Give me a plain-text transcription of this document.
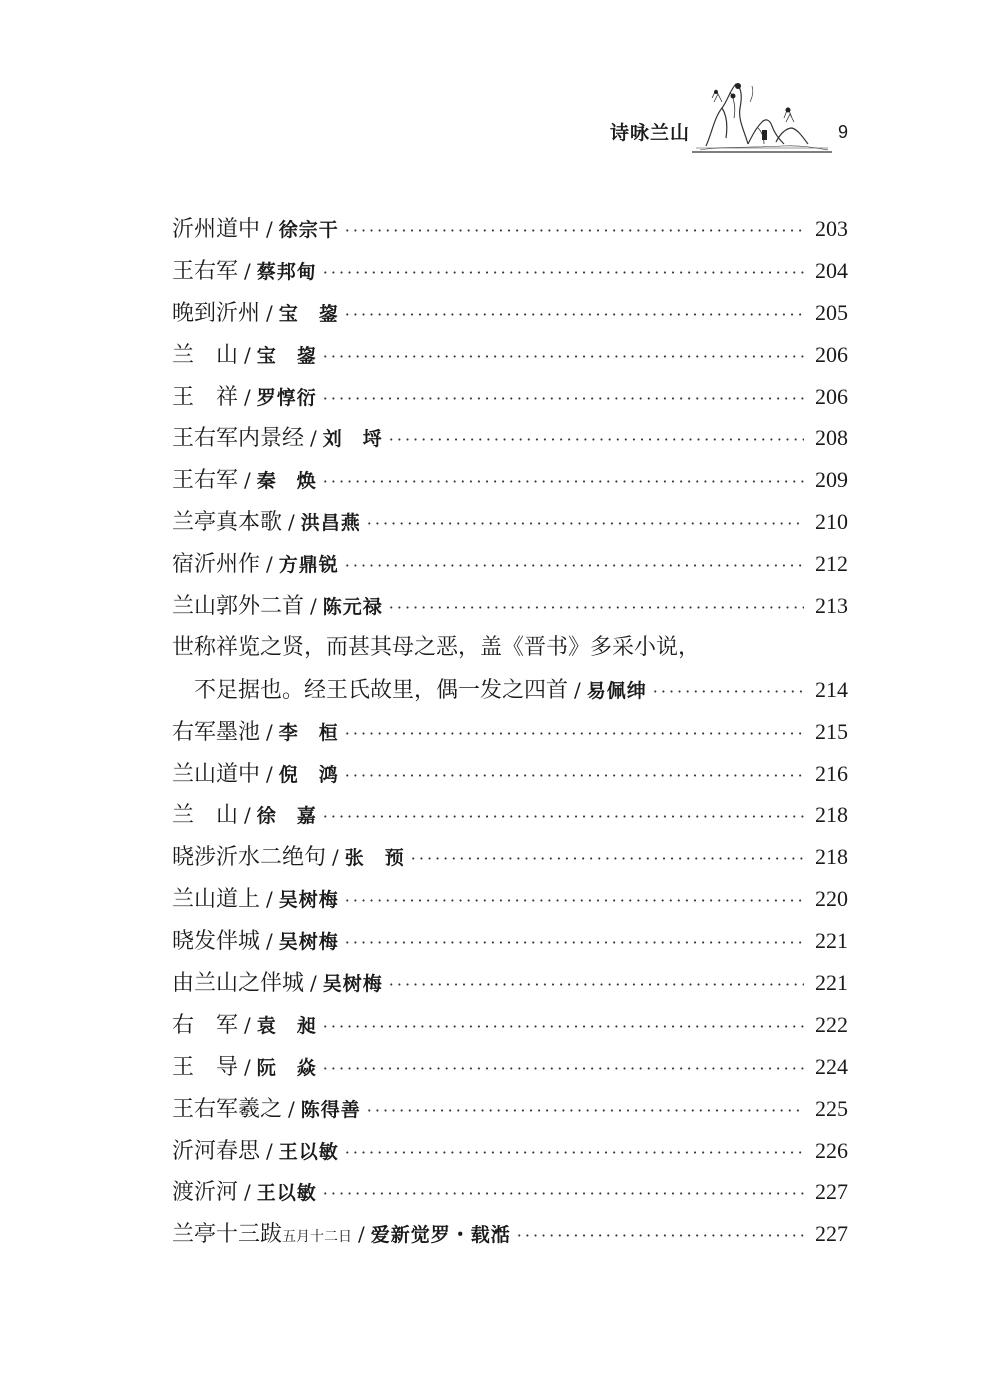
诗咏兰山	9
沂州道中 / 徐宗干 ·····	203
王右军 / 蔡邦甸 ·····	204
晚到沂州 / 宝　鋆 ·····	205
兰　山 / 宝　鋆 ·····	206
王　祥 / 罗惇衍 ·····	206
王右军内景经 / 刘　埒 ·····	208
王右军 / 秦　焕 ·····	209
兰亭真本歌 / 洪昌燕 ·····	210
宿沂州作 / 方鼎锐 ·····	212
兰山郭外二首 / 陈元禄 ·····	213
世称祥览之贤，而甚其母之恶，盖《晋书》多采小说，
不足据也。经王氏故里，偶一发之四首 / 易佩绅 ·····	214
右军墨池 / 李　桓 ·····	215
兰山道中 / 倪　鸿 ·····	216
兰　山 / 徐　嘉 ·····	218
晓涉沂水二绝句 / 张　预 ·····	218
兰山道上 / 吴树梅 ·····	220
晓发伴城 / 吴树梅 ·····	221
由兰山之伴城 / 吴树梅 ·····	221
右　军 / 袁　昶 ·····	222
王　导 / 阮　焱 ·····	224
王右军羲之 / 陈得善 ·····	225
沂河春思 / 王以敏 ·····	226
渡沂河 / 王以敏 ·····	227
兰亭十三跋 五月十二日 / 爱新觉罗・载湉 ·····	227
